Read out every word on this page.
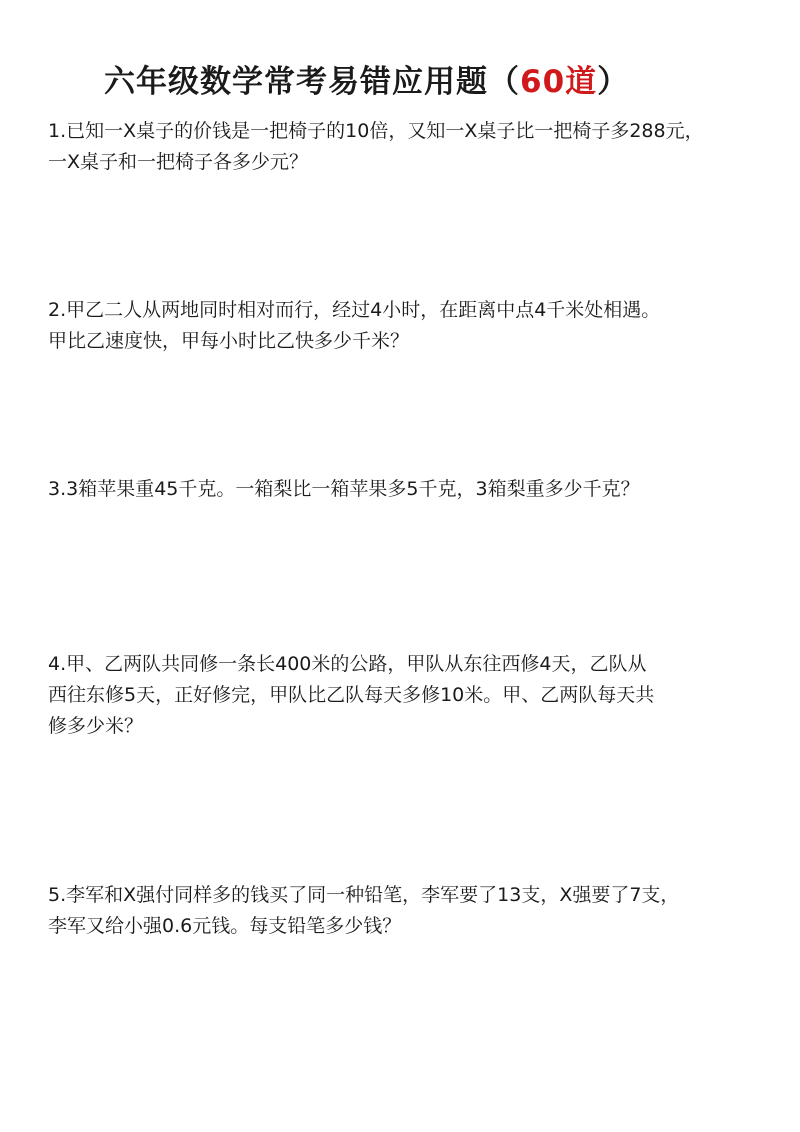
六年级数学常考易错应用题（60道）
1.已知一X桌子的价钱是一把椅子的10倍，又知一X桌子比一把椅子多288元，
一X桌子和一把椅子各多少元？
2.甲乙二人从两地同时相对而行，经过4小时，在距离中点4千米处相遇。
甲比乙速度快，甲每小时比乙快多少千米？
3.3箱苹果重45千克。一箱梨比一箱苹果多5千克，3箱梨重多少千克？
4.甲、乙两队共同修一条长400米的公路，甲队从东往西修4天，乙队从
西往东修5天，正好修完，甲队比乙队每天多修10米。甲、乙两队每天共
修多少米？
5.李军和X强付同样多的钱买了同一种铅笔，李军要了13支，X强要了7支，
李军又给小强0.6元钱。每支铅笔多少钱？
